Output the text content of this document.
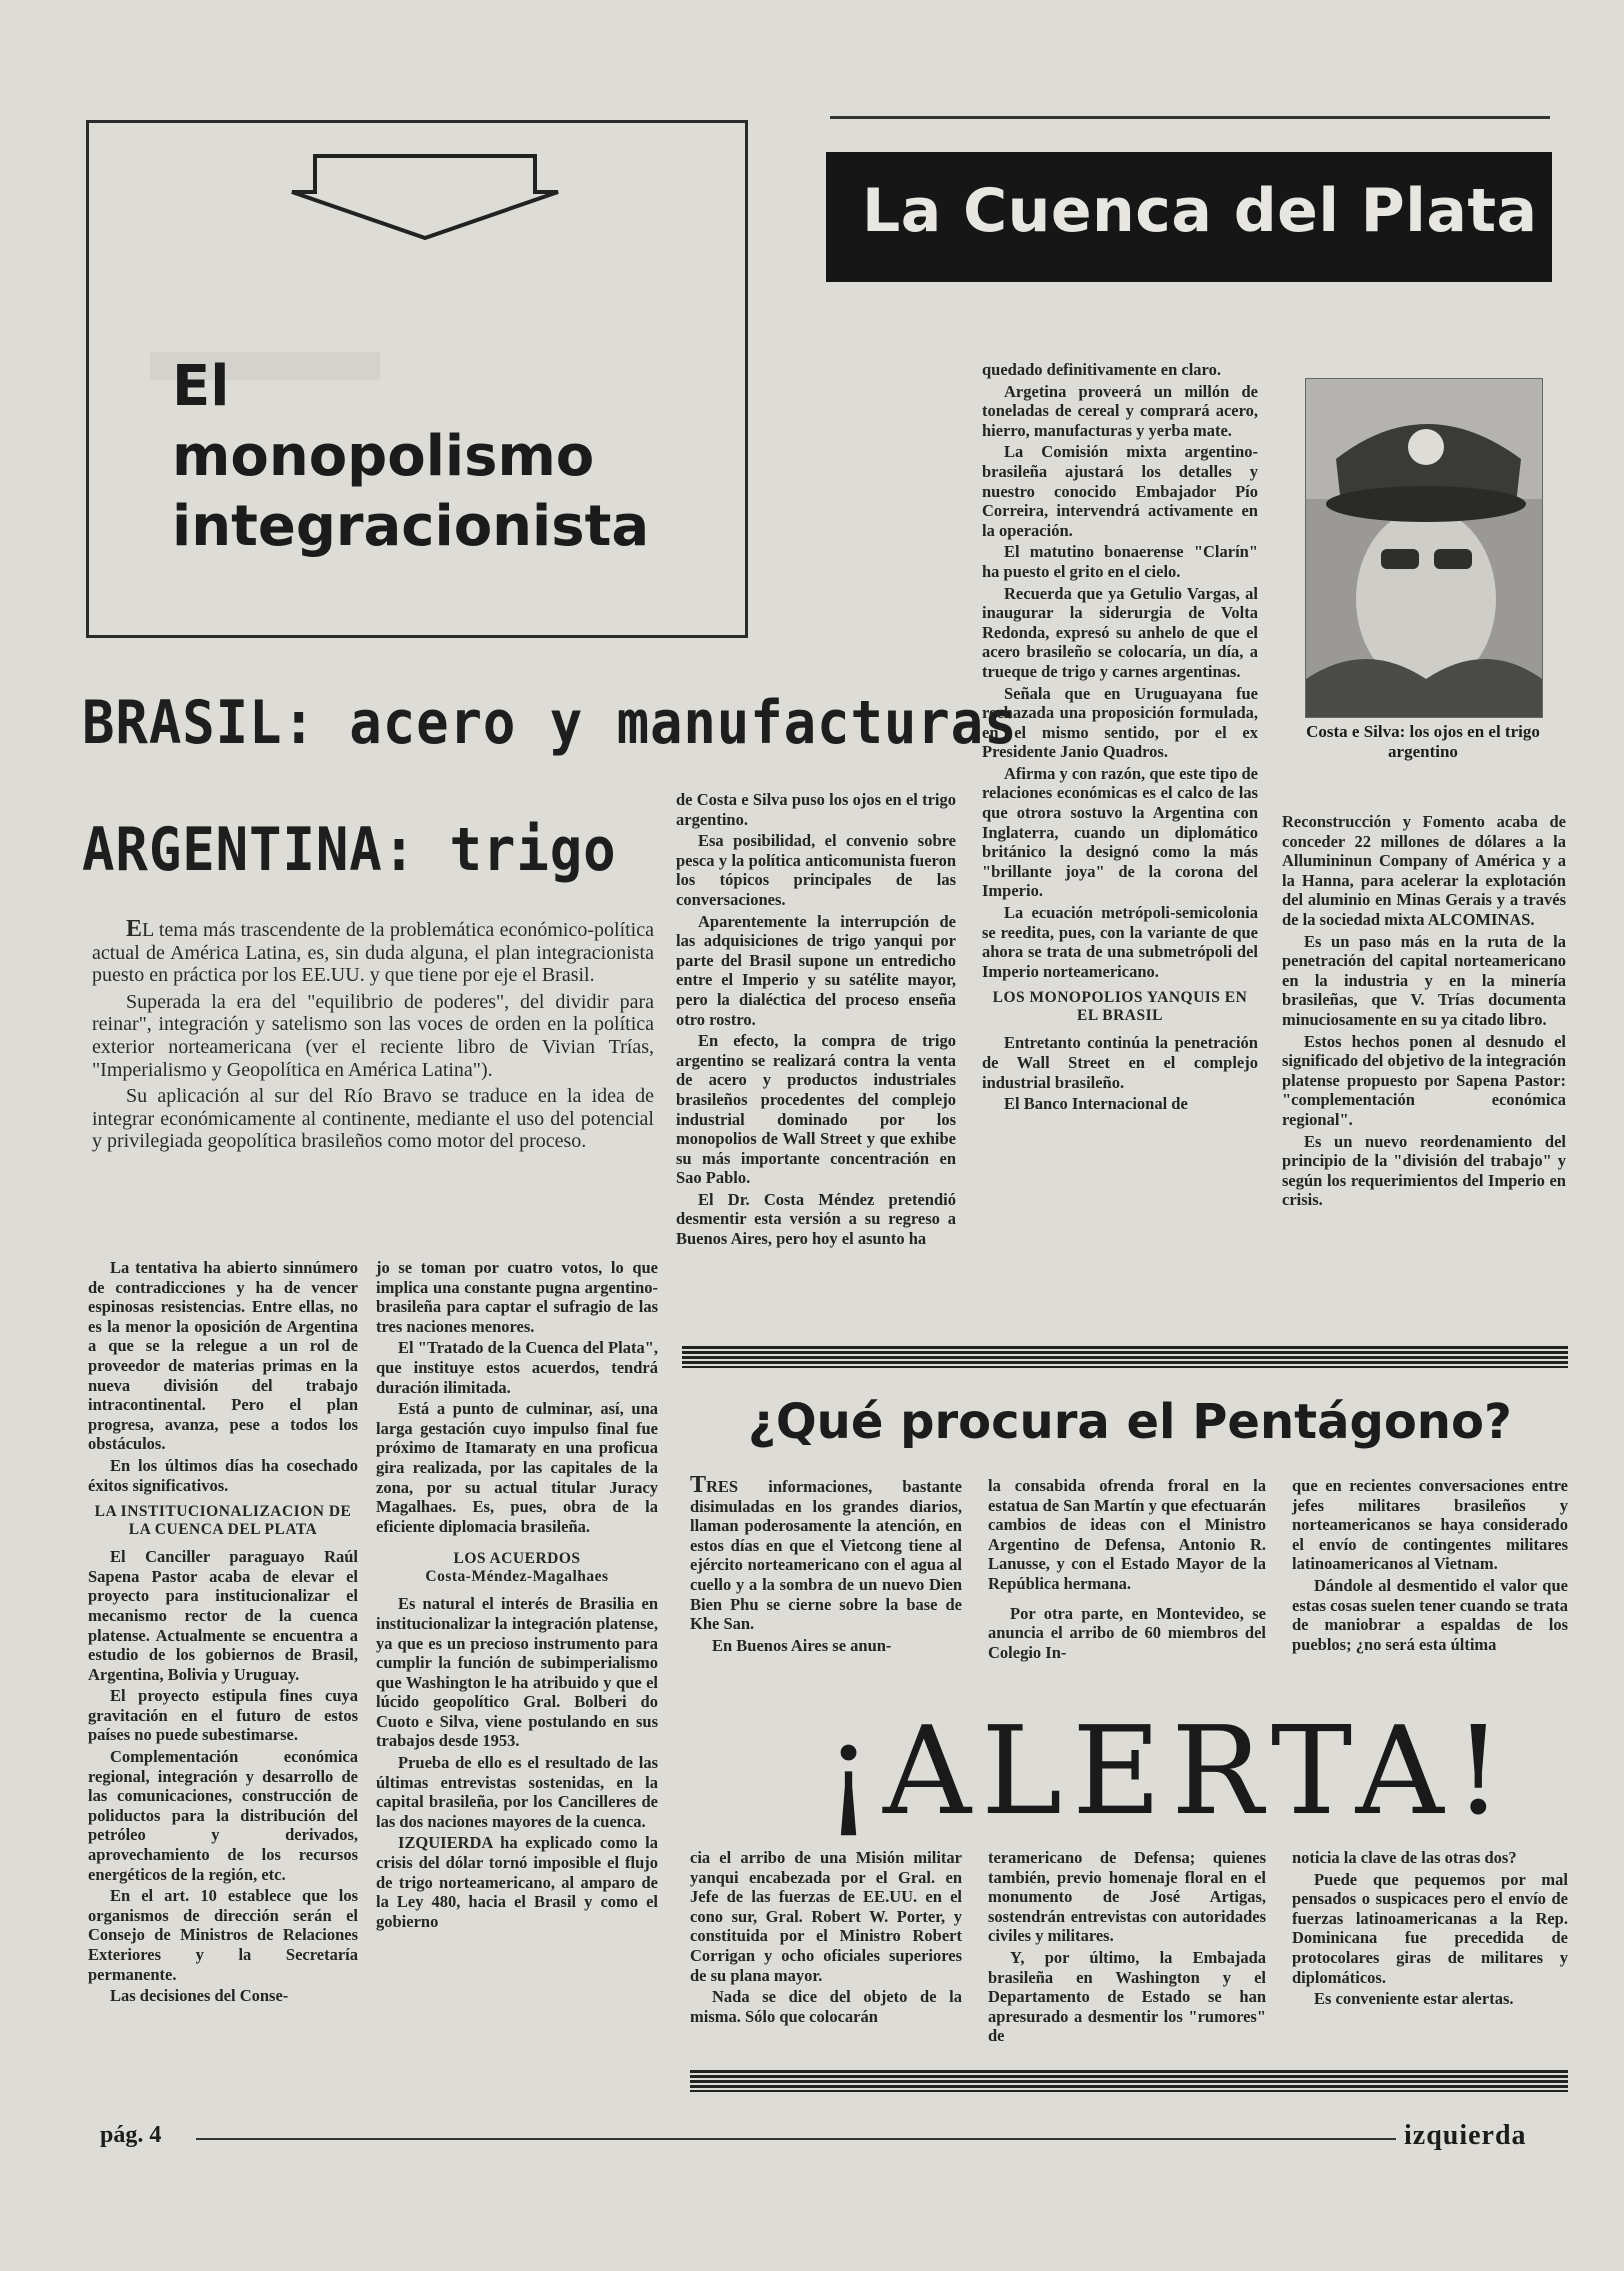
El
monopolismo
integracionista
La Cuenca del Plata
BRASIL: acero y manufacturas
ARGENTINA: trigo

EL tema más trascendente de la problemática económico-política actual de América Latina, es, sin duda alguna, el plan integracionista puesto en práctica por los EE.UU. y que tiene por eje el Brasil.

Superada la era del "equilibrio de poderes", del dividir para reinar", integración y satelismo son las voces de orden en la política exterior norteamericana (ver el reciente libro de Vivian Trías, "Imperialismo y Geopolítica en América Latina").

Su aplicación al sur del Río Bravo se traduce en la idea de integrar económicamente al continente, mediante el uso del potencial y privilegiada geopolítica brasileños como motor del proceso.

La tentativa ha abierto sinnúmero de contradicciones y ha de vencer espinosas resistencias. Entre ellas, no es la menor la oposición de Argentina a que se la relegue a un rol de proveedor de materias primas en la nueva división del trabajo intracontinental. Pero el plan progresa, avanza, pese a todos los obstáculos.

En los últimos días ha cosechado éxitos significativos.

LA INSTITUCIONALIZACION DE LA CUENCA DEL PLATA

El Canciller paraguayo Raúl Sapena Pastor acaba de elevar el proyecto para institucionalizar el mecanismo rector de la cuenca platense. Actualmente se encuentra a estudio de los gobiernos de Brasil, Argentina, Bolivia y Uruguay.

El proyecto estipula fines cuya gravitación en el futuro de estos países no puede subestimarse.

Complementación económica regional, integración y desarrollo de las comunicaciones, construcción de poliductos para la distribución del petróleo y derivados, aprovechamiento de los recursos energéticos de la región, etc.

En el art. 10 establece que los organismos de dirección serán el Consejo de Ministros de Relaciones Exteriores y la Secretaría permanente.

Las decisiones del Conse-

jo se toman por cuatro votos, lo que implica una constante pugna argentino-brasileña para captar el sufragio de las tres naciones menores.

El "Tratado de la Cuenca del Plata", que instituye estos acuerdos, tendrá duración ilimitada.

Está a punto de culminar, así, una larga gestación cuyo impulso final fue próximo de Itamaraty en una proficua gira realizada, por las capitales de la zona, por su actual titular Juracy Magalhaes. Es, pues, obra de la eficiente diplomacia brasileña.

LOS ACUERDOS
Costa-Méndez-Magalhaes

Es natural el interés de Brasilia en institucionalizar la integración platense, ya que es un precioso instrumento para cumplir la función de subimperialismo que Washington le ha atribuido y que el lúcido geopolítico Gral. Bolberi do Cuoto e Silva, viene postulando en sus trabajos desde 1953.

Prueba de ello es el resultado de las últimas entrevistas sostenidas, en la capital brasileña, por los Cancilleres de las dos naciones mayores de la cuenca.

IZQUIERDA ha explicado como la crisis del dólar tornó imposible el flujo de trigo norteamericano, al amparo de la Ley 480, hacia el Brasil y como el gobierno

de Costa e Silva puso los ojos en el trigo argentino.

Esa posibilidad, el convenio sobre pesca y la política anticomunista fueron los tópicos principales de las conversaciones.

Aparentemente la interrupción de las adquisiciones de trigo yanqui por parte del Brasil supone un entredicho entre el Imperio y su satélite mayor, pero la dialéctica del proceso enseña otro rostro.

En efecto, la compra de trigo argentino se realizará contra la venta de acero y productos industriales brasileños procedentes del complejo industrial dominado por los monopolios de Wall Street y que exhibe su más importante concentración en Sao Pablo.

El Dr. Costa Méndez pretendió desmentir esta versión a su regreso a Buenos Aires, pero hoy el asunto ha

quedado definitivamente en claro.

Argetina proveerá un millón de toneladas de cereal y comprará acero, hierro, manufacturas y yerba mate.

La Comisión mixta argentino-brasileña ajustará los detalles y nuestro conocido Embajador Pío Correira, intervendrá activamente en la operación.

El matutino bonaerense "Clarín" ha puesto el grito en el cielo.

Recuerda que ya Getulio Vargas, al inaugurar la siderurgia de Volta Redonda, expresó su anhelo de que el acero brasileño se colocaría, un día, a trueque de trigo y carnes argentinas.

Señala que en Uruguayana fue rechazada una proposición formulada, en el mismo sentido, por el ex Presidente Janio Quadros.

Afirma y con razón, que este tipo de relaciones económicas es el calco de las que otrora sostuvo la Argentina con Inglaterra, cuando un diplomático británico la designó como la más "brillante joya" de la corona del Imperio.

La ecuación metrópoli-semicolonia se reedita, pues, con la variante de que ahora se trata de una submetrópoli del Imperio norteamericano.

LOS MONOPOLIOS YANQUIS EN EL BRASIL

Entretanto continúa la penetración de Wall Street en el complejo industrial brasileño.

El Banco Internacional de

Costa e Silva: los ojos en el trigo argentino

Reconstrucción y Fomento acaba de conceder 22 millones de dólares a la Allumininun Company of América y a la Hanna, para acelerar la explotación del aluminio en Minas Gerais y a través de la sociedad mixta ALCOMINAS.

Es un paso más en la ruta de la penetración del capital norteamericano en la industria y en la minería brasileñas, que V. Trías documenta minuciosamente en su ya citado libro.

Estos hechos ponen al desnudo el significado del objetivo de la integración platense propuesto por Sapena Pastor: "complementación económica regional".

Es un nuevo reordenamiento del principio de la "división del trabajo" y según los requerimientos del Imperio en crisis.

¿Qué procura el Pentágono?

TRES informaciones, bastante disimuladas en los grandes diarios, llaman poderosamente la atención, en estos días en que el Vietcong tiene al ejército norteamericano con el agua al cuello y a la sombra de un nuevo Dien Bien Phu se cierne sobre la base de Khe San.

En Buenos Aires se anun-

la consabida ofrenda froral en la estatua de San Martín y que efectuarán cambios de ideas con el Ministro Argentino de Defensa, Antonio R. Lanusse, y con el Estado Mayor de la República hermana.

Por otra parte, en Montevideo, se anuncia el arribo de 60 miembros del Colegio In-

que en recientes conversaciones entre jefes militares brasileños y norteamericanos se haya considerado el envío de contingentes militares latinoamericanos al Vietnam.

Dándole al desmentido el valor que estas cosas suelen tener cuando se trata de maniobrar a espaldas de los pueblos; ¿no será esta última

¡ALERTA!

cia el arribo de una Misión militar yanqui encabezada por el Gral. en Jefe de las fuerzas de EE.UU. en el cono sur, Gral. Robert W. Porter, y constituida por el Ministro Robert Corrigan y ocho oficiales superiores de su plana mayor.

Nada se dice del objeto de la misma. Sólo que colocarán

teramericano de Defensa; quienes también, previo homenaje floral en el monumento de José Artigas, sostendrán entrevistas con autoridades civiles y militares.

Y, por último, la Embajada brasileña en Washington y el Departamento de Estado se han apresurado a desmentir los "rumores" de

noticia la clave de las otras dos?

Puede que pequemos por mal pensados o suspicaces pero el envío de fuerzas latinoamericanas a la Rep. Dominicana fue precedida de protocolares giras de militares y diplomáticos.

Es conveniente estar alertas.

pág. 4	izquierda
